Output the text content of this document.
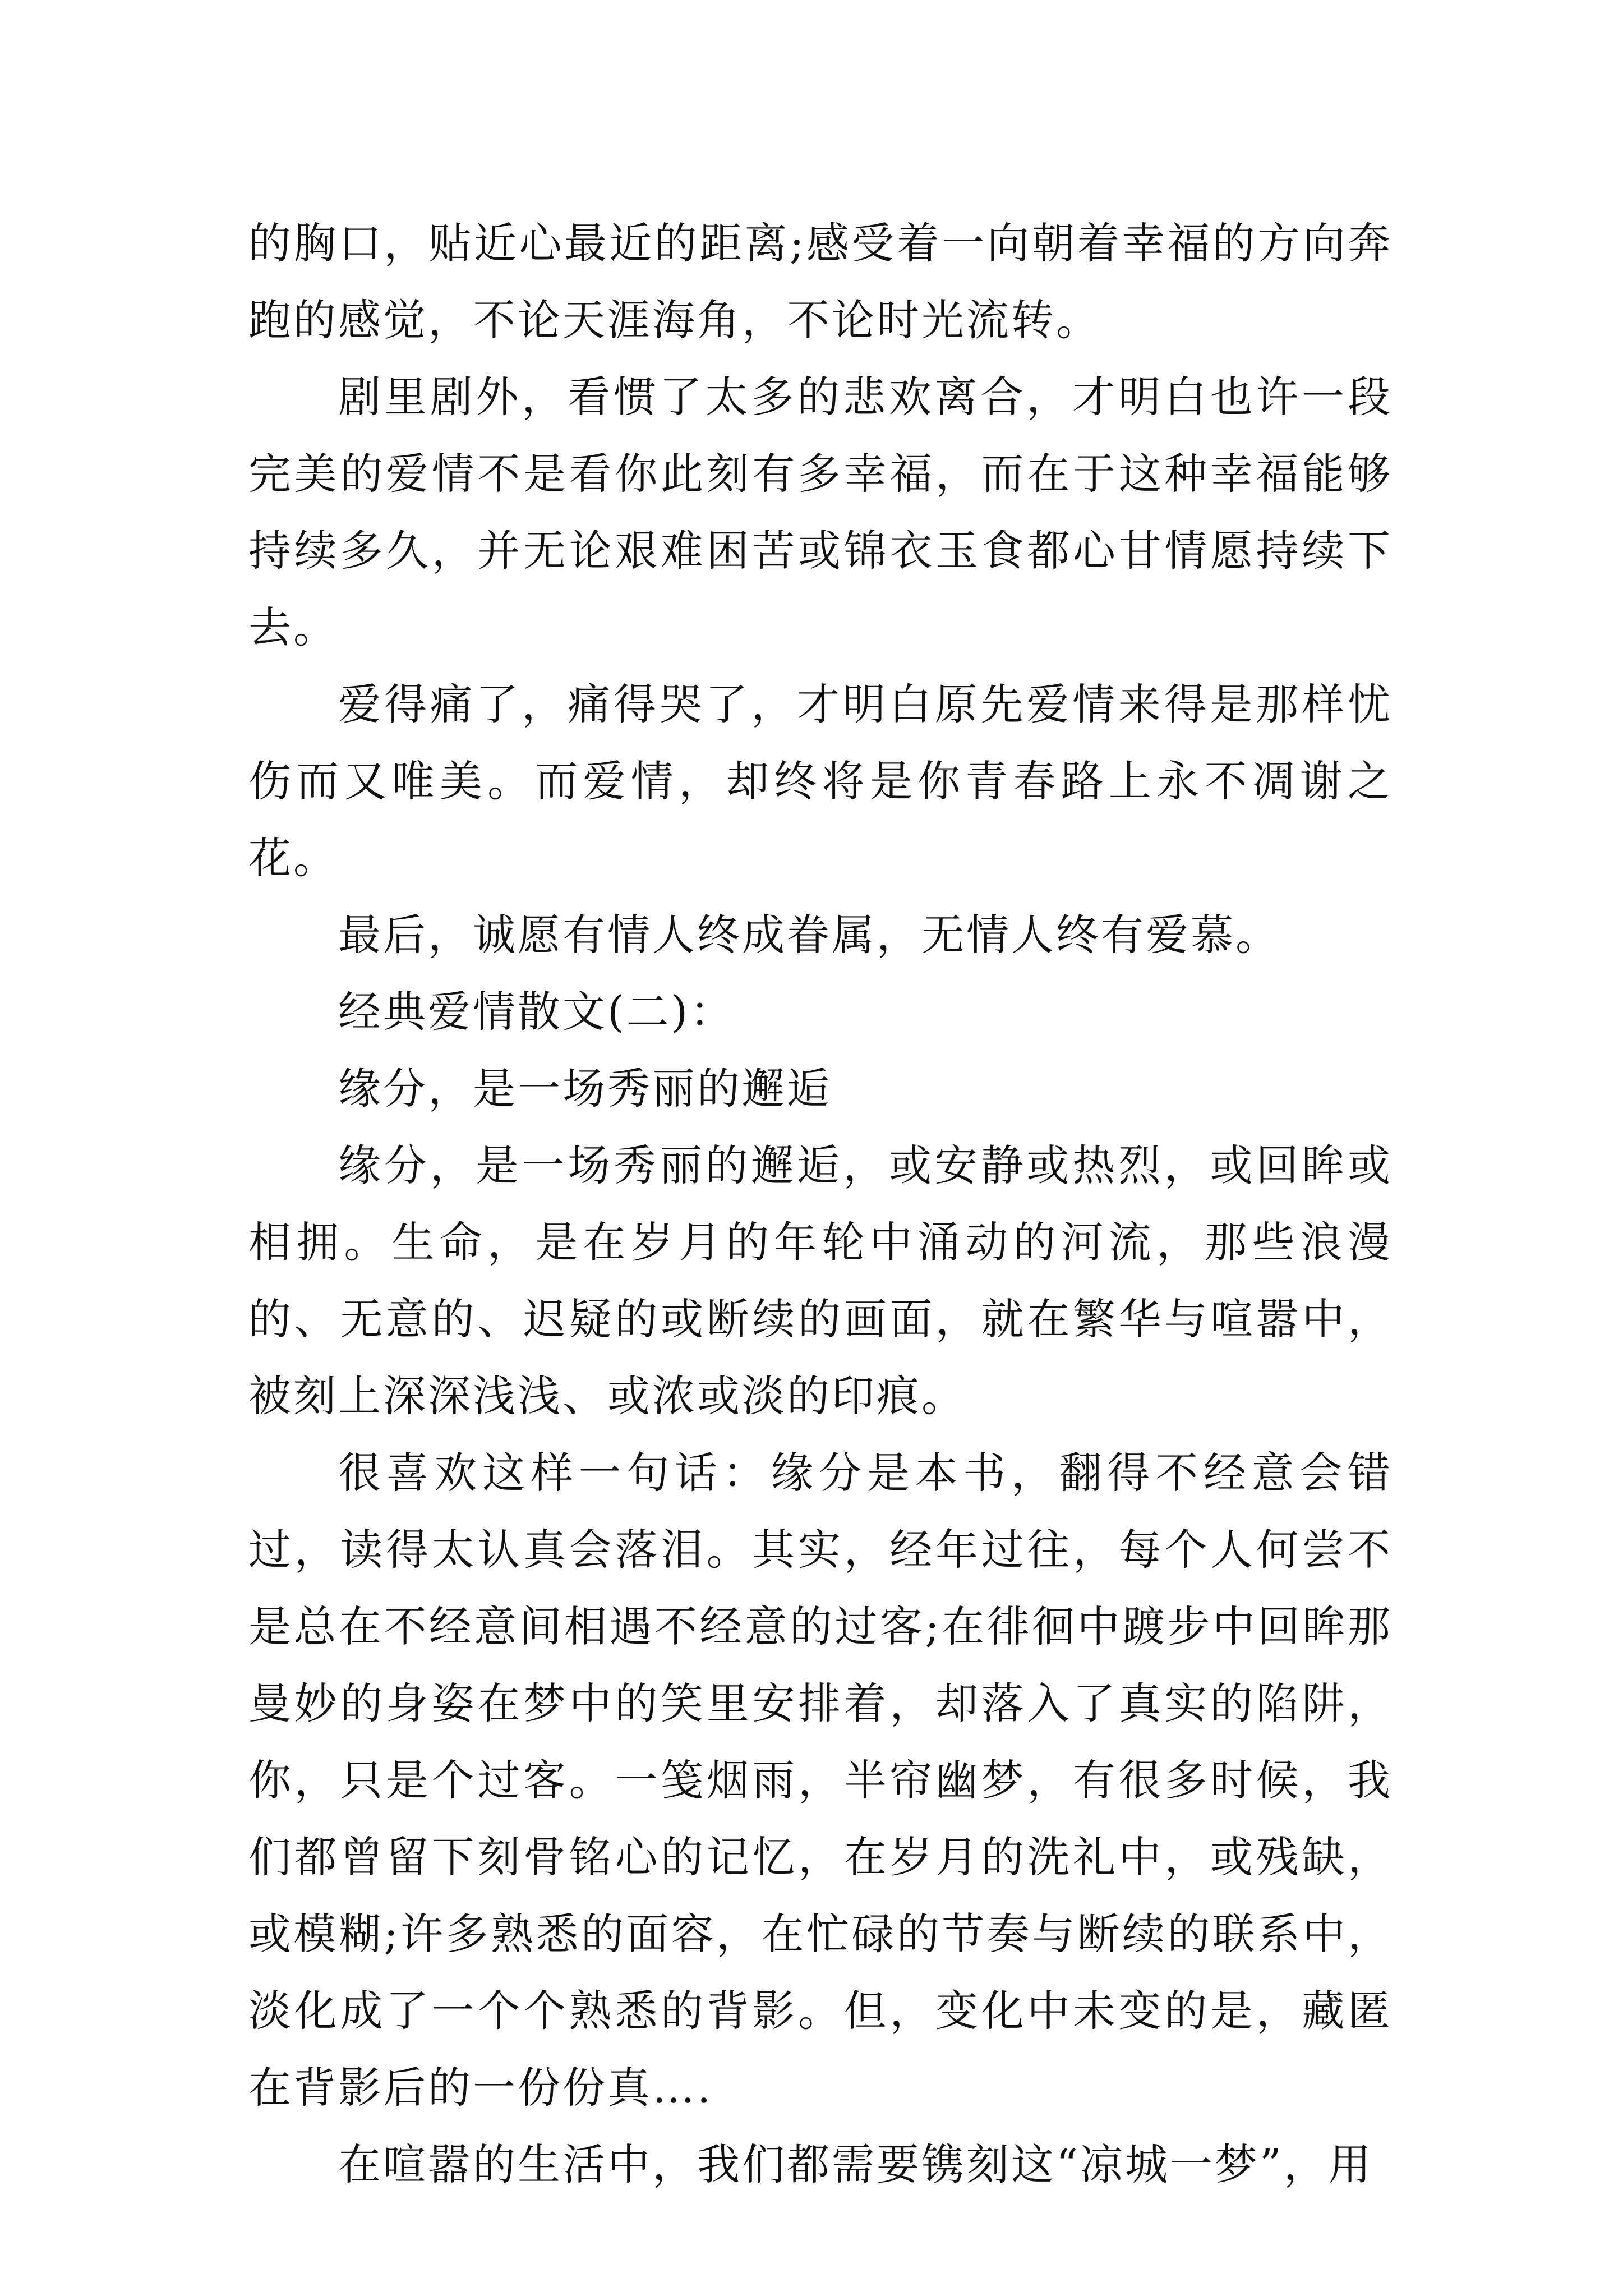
的胸口，贴近心最近的距离;感受着一向朝着幸福的方向奔跑的感觉，不论天涯海角，不论时光流转。

剧里剧外，看惯了太多的悲欢离合，才明白也许一段完美的爱情不是看你此刻有多幸福，而在于这种幸福能够持续多久，并无论艰难困苦或锦衣玉食都心甘情愿持续下去。

爱得痛了，痛得哭了，才明白原先爱情来得是那样忧伤而又唯美。而爱情，却终将是你青春路上永不凋谢之花。

最后，诚愿有情人终成眷属，无情人终有爱慕。

经典爱情散文(二)：

缘分，是一场秀丽的邂逅

缘分，是一场秀丽的邂逅，或安静或热烈，或回眸或相拥。生命，是在岁月的年轮中涌动的河流，那些浪漫的、无意的、迟疑的或断续的画面，就在繁华与喧嚣中，被刻上深深浅浅、或浓或淡的印痕。

很喜欢这样一句话：缘分是本书，翻得不经意会错过，读得太认真会落泪。其实，经年过往，每个人何尝不是总在不经意间相遇不经意的过客;在徘徊中踱步中回眸那曼妙的身姿在梦中的笑里安排着，却落入了真实的陷阱，你，只是个过客。一笺烟雨，半帘幽梦，有很多时候，我们都曾留下刻骨铭心的记忆，在岁月的洗礼中，或残缺，或模糊;许多熟悉的面容，在忙碌的节奏与断续的联系中，淡化成了一个个熟悉的背影。但，变化中未变的是，藏匿在背影后的一份份真….

在喧嚣的生活中，我们都需要镌刻这“凉城一梦”，用
